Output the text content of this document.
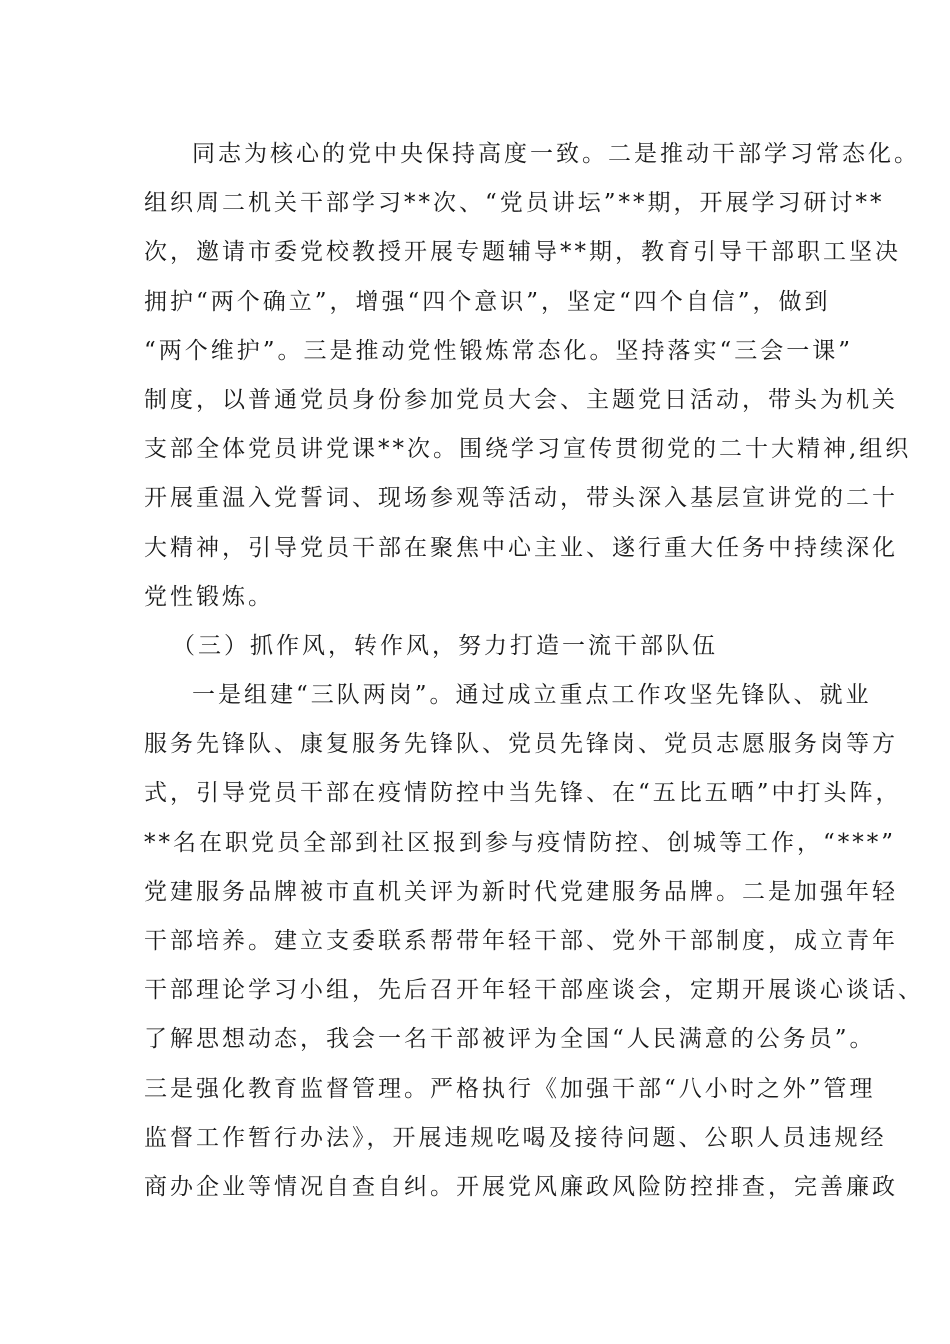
同志为核心的党中央保持高度一致。二是推动干部学习常态化。
组织周二机关干部学习**次、“党员讲坛”**期，开展学习研讨**
次，邀请市委党校教授开展专题辅导**期，教育引导干部职工坚决
拥护“两个确立”，增强“四个意识”，坚定“四个自信”，做到
“两个维护”。三是推动党性锻炼常态化。坚持落实“三会一课”
制度，以普通党员身份参加党员大会、主题党日活动，带头为机关
支部全体党员讲党课**次。围绕学习宣传贯彻党的二十大精神,组织
开展重温入党誓词、现场参观等活动，带头深入基层宣讲党的二十
大精神，引导党员干部在聚焦中心主业、遂行重大任务中持续深化
党性锻炼。
（三）抓作风，转作风，努力打造一流干部队伍
一是组建“三队两岗”。通过成立重点工作攻坚先锋队、就业
服务先锋队、康复服务先锋队、党员先锋岗、党员志愿服务岗等方
式，引导党员干部在疫情防控中当先锋、在“五比五晒”中打头阵，
**名在职党员全部到社区报到参与疫情防控、创城等工作，“***”
党建服务品牌被市直机关评为新时代党建服务品牌。二是加强年轻
干部培养。建立支委联系帮带年轻干部、党外干部制度，成立青年
干部理论学习小组，先后召开年轻干部座谈会，定期开展谈心谈话、
了解思想动态，我会一名干部被评为全国“人民满意的公务员”。
三是强化教育监督管理。严格执行《加强干部“八小时之外”管理
监督工作暂行办法》，开展违规吃喝及接待问题、公职人员违规经
商办企业等情况自查自纠。开展党风廉政风险防控排查，完善廉政
